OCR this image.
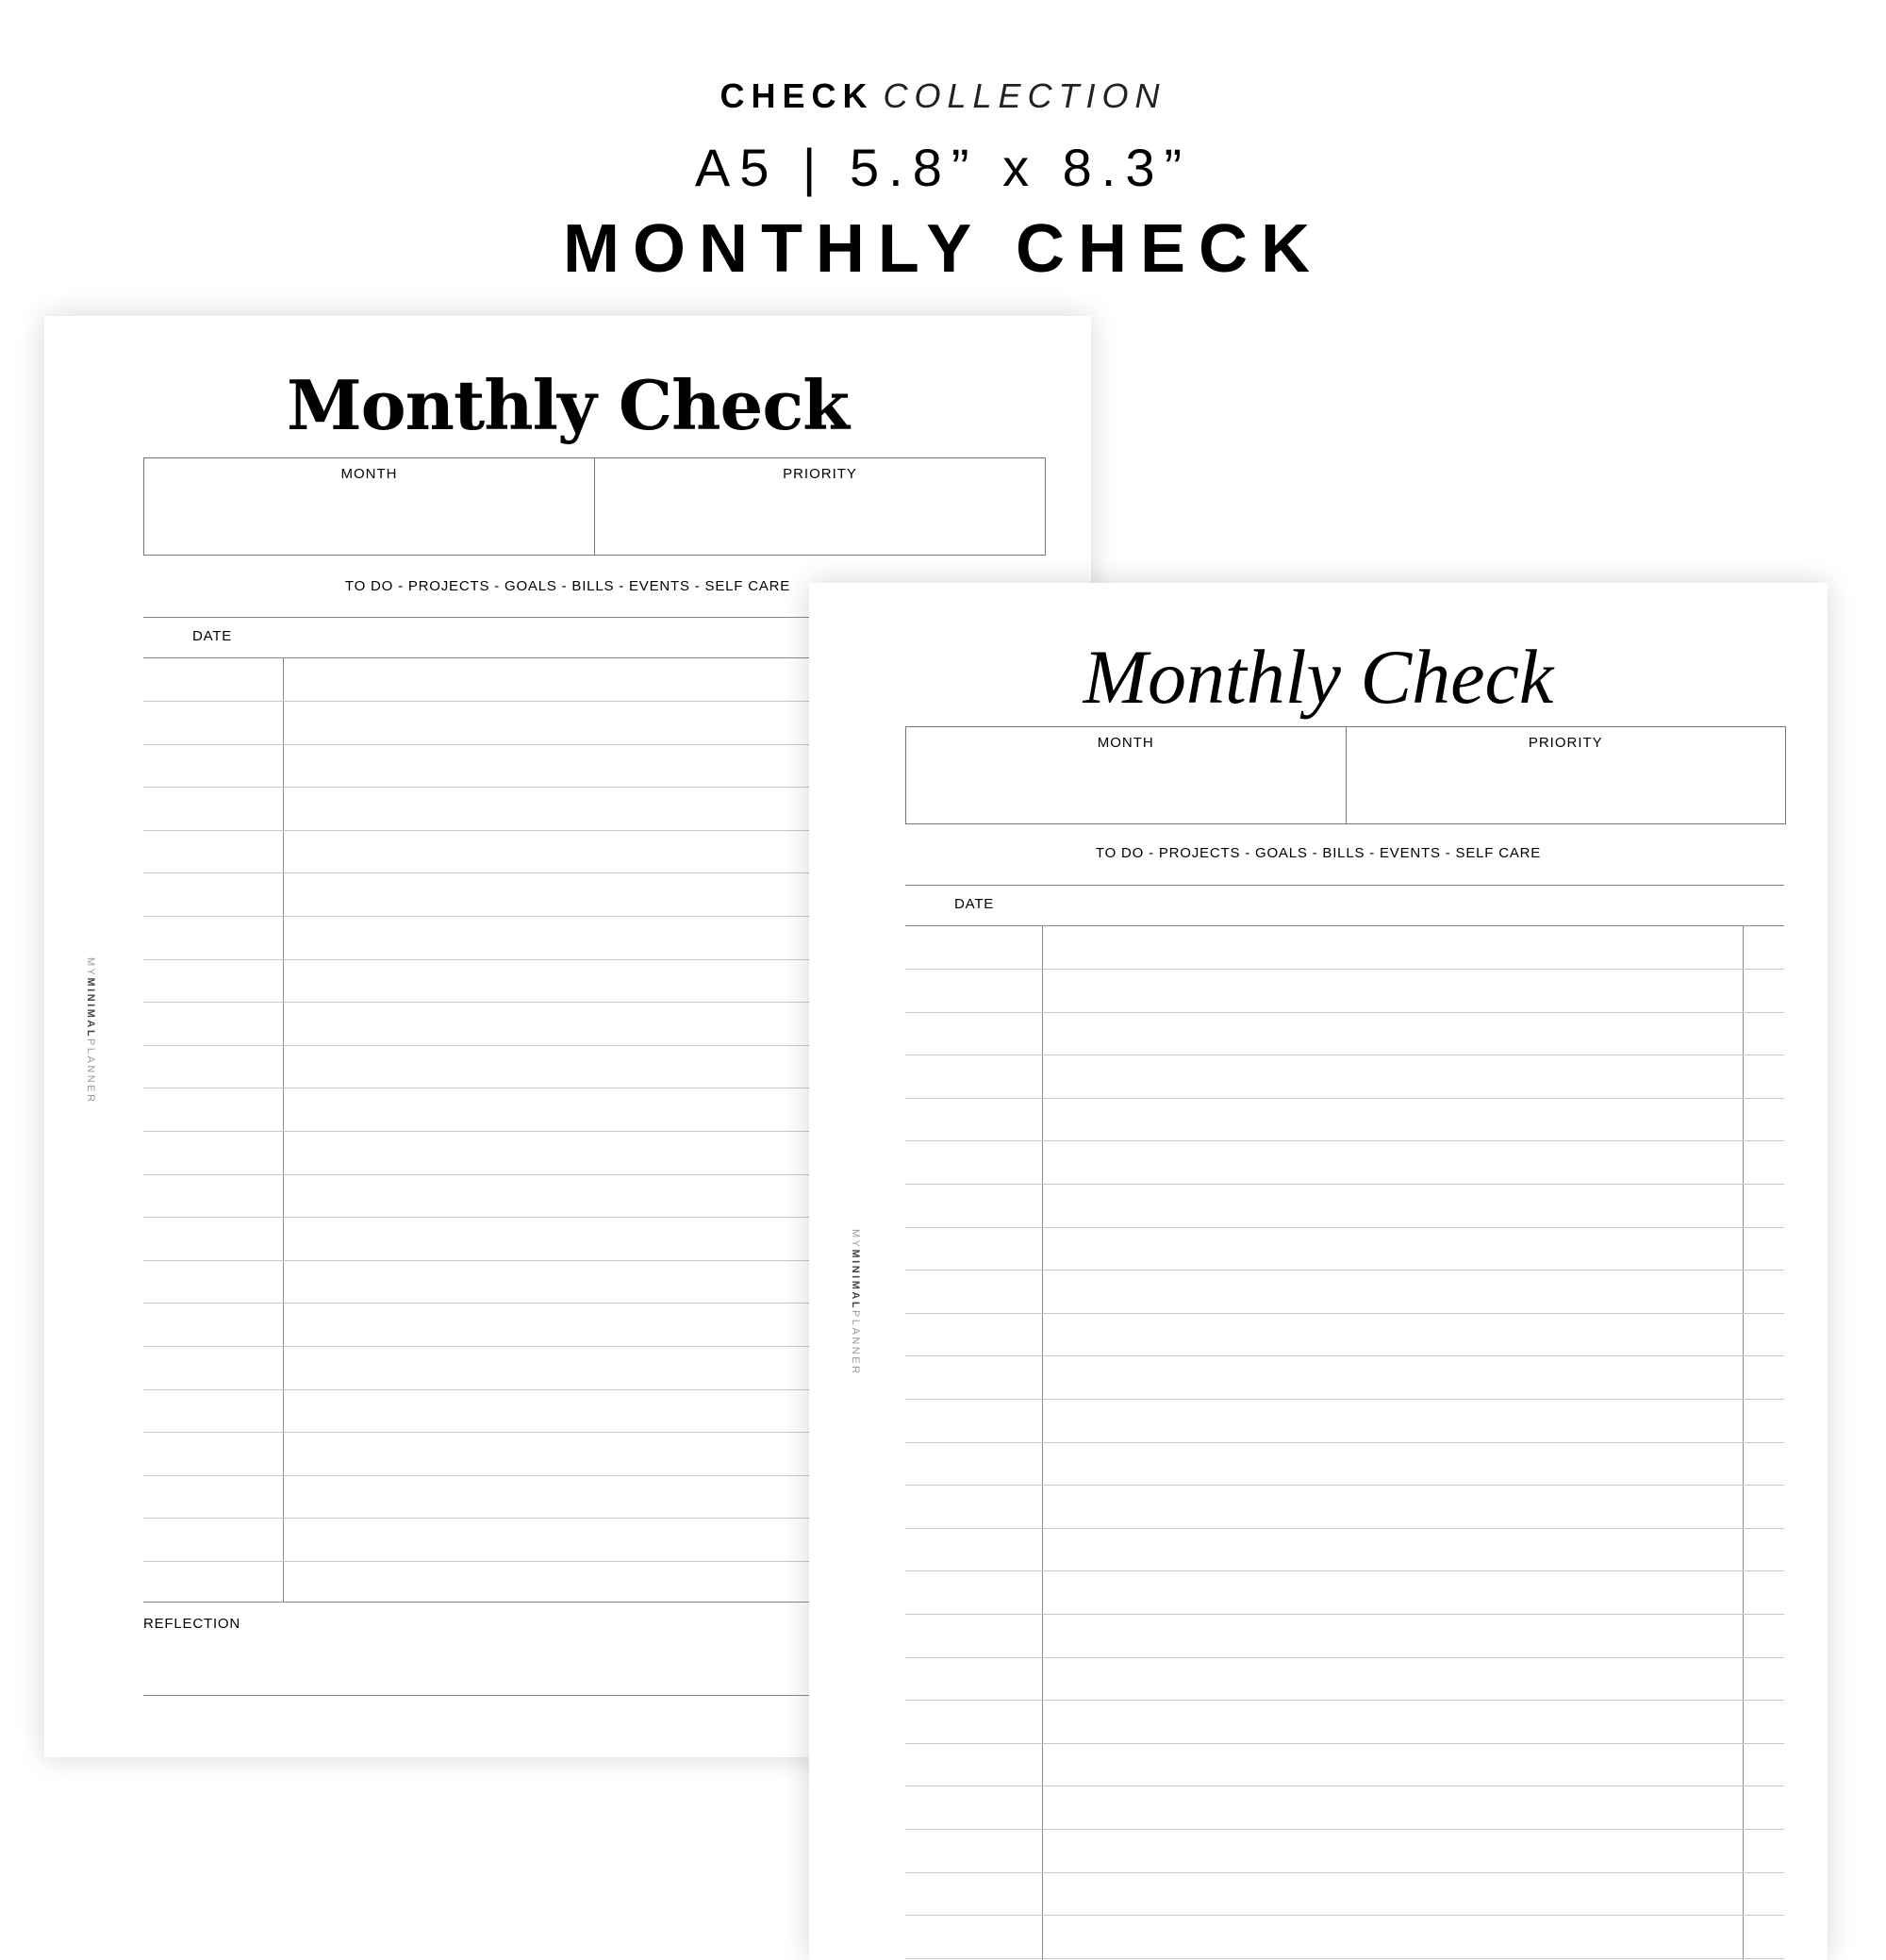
CHECK COLLECTION
A5 | 5.8” x 8.3”
MONTHLY CHECK
Monthly Check
MONTH	PRIORITY
TO DO - PROJECTS - GOALS - BILLS - EVENTS - SELF CARE
DATE
REFLECTION
MYMINIMALPLANNER
Monthly Check
MONTH	PRIORITY
TO DO - PROJECTS - GOALS - BILLS - EVENTS - SELF CARE
DATE
MYMINIMALPLANNER
